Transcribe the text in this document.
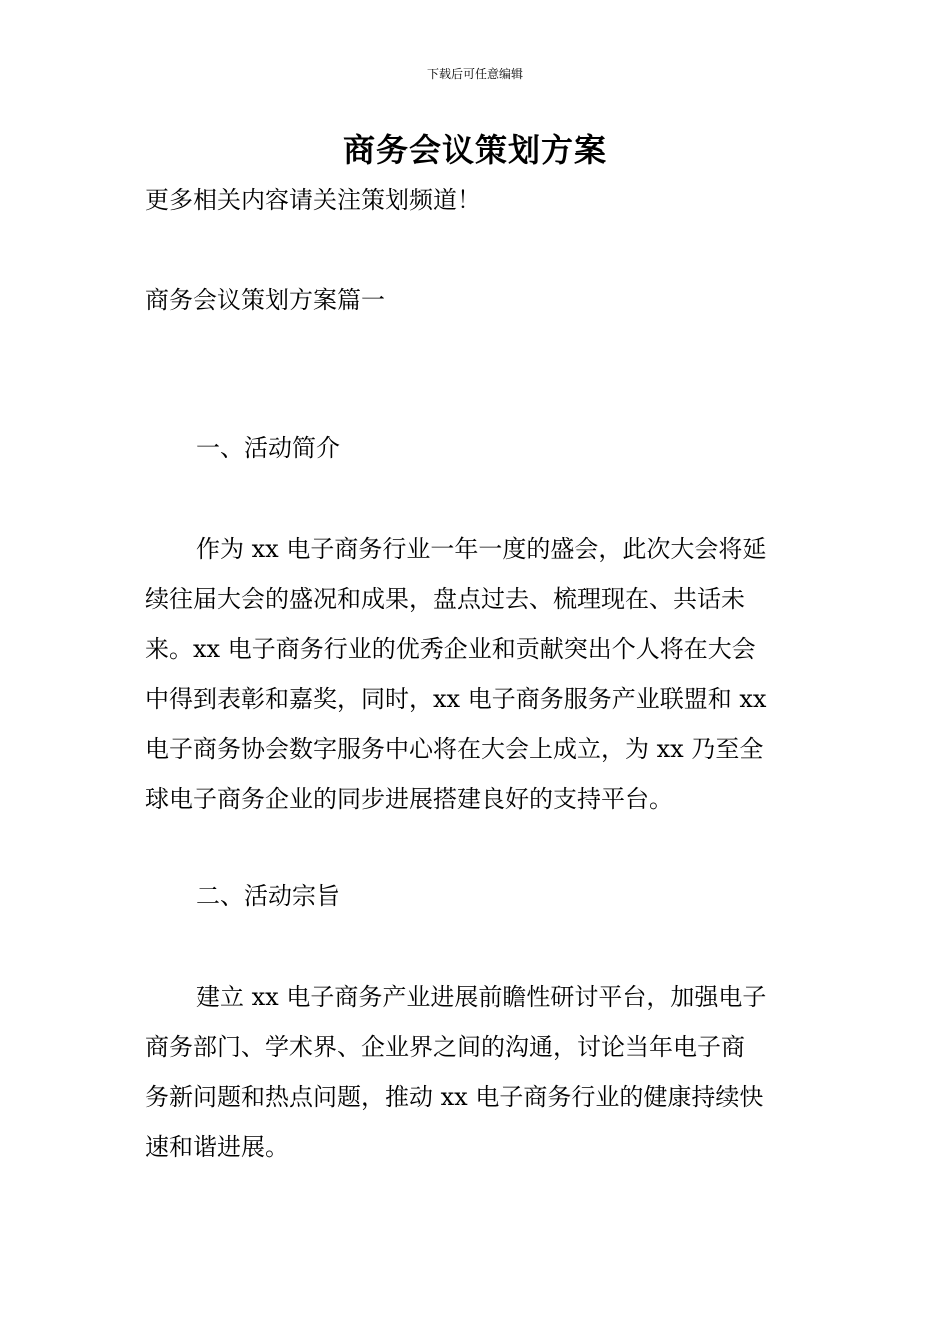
下载后可任意编辑
商务会议策划方案
更多相关内容请关注策划频道！
商务会议策划方案篇一
一、活动简介
作为 xx 电子商务行业一年一度的盛会，此次大会将延
续往届大会的盛况和成果，盘点过去、梳理现在、共话未
来。xx 电子商务行业的优秀企业和贡献突出个人将在大会
中得到表彰和嘉奖，同时，xx 电子商务服务产业联盟和 xx
电子商务协会数字服务中心将在大会上成立，为 xx 乃至全
球电子商务企业的同步进展搭建良好的支持平台。
二、活动宗旨
建立 xx 电子商务产业进展前瞻性研讨平台，加强电子
商务部门、学术界、企业界之间的沟通，讨论当年电子商
务新问题和热点问题，推动 xx 电子商务行业的健康持续快
速和谐进展。
